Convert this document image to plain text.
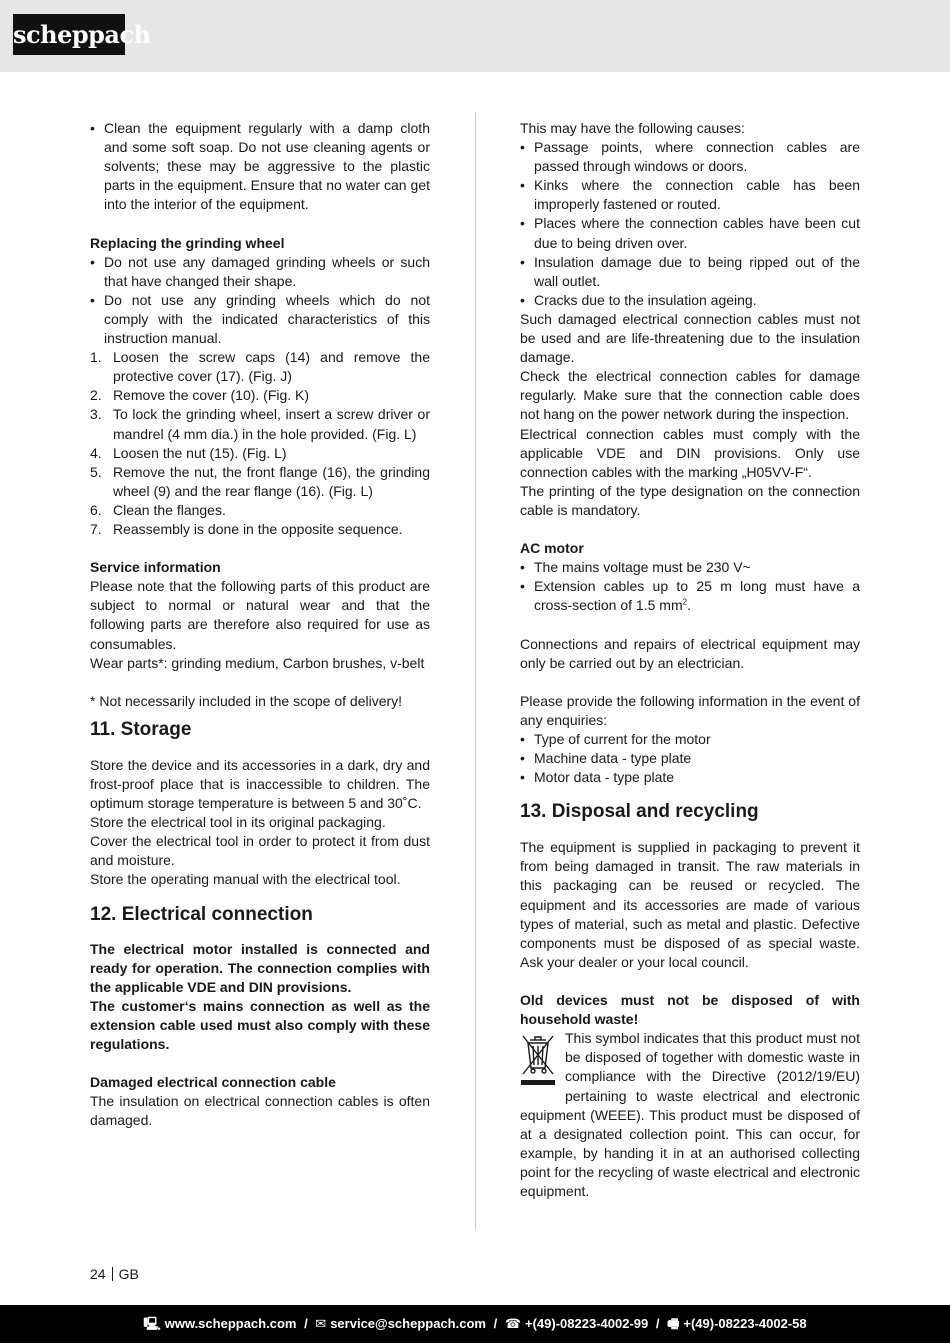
scheppach
• Clean the equipment regularly with a damp cloth and some soft soap. Do not use cleaning agents or solvents; these may be aggressive to the plastic parts in the equipment. Ensure that no water can get into the interior of the equipment.

Replacing the grinding wheel

• Do not use any damaged grinding wheels or such that have changed their shape.
• Do not use any grinding wheels which do not comply with the indicated characteristics of this instruction manual.
1. Loosen the screw caps (14) and remove the protective cover (17). (Fig. J)
2. Remove the cover (10). (Fig. K)
3. To lock the grinding wheel, insert a screw driver or mandrel (4 mm dia.) in the hole provided. (Fig. L)
4. Loosen the nut (15). (Fig. L)
5. Remove the nut, the front flange (16), the grinding wheel (9) and the rear flange (16). (Fig. L)
6. Clean the flanges.
7. Reassembly is done in the opposite sequence.

Service information

Please note that the following parts of this product are subject to normal or natural wear and that the following parts are therefore also required for use as consumables.

Wear parts*: grinding medium, Carbon brushes, v-belt

* Not necessarily included in the scope of delivery!

11. Storage

Store the device and its accessories in a dark, dry and frost-proof place that is inaccessible to children. The optimum storage temperature is between 5 and 30˚C.

Store the electrical tool in its original packaging.

Cover the electrical tool in order to protect it from dust and moisture.

Store the operating manual with the electrical tool.

12. Electrical connection

The electrical motor installed is connected and ready for operation. The connection complies with the applicable VDE and DIN provisions.

The customer‘s mains connection as well as the extension cable used must also comply with these regulations.

Damaged electrical connection cable

The insulation on electrical connection cables is often damaged.

This may have the following causes:

• Passage points, where connection cables are passed through windows or doors.
• Kinks where the connection cable has been improperly fastened or routed.
• Places where the connection cables have been cut due to being driven over.
• Insulation damage due to being ripped out of the wall outlet.
• Cracks due to the insulation ageing.

Such damaged electrical connection cables must not be used and are life-threatening due to the insulation damage.

Check the electrical connection cables for damage regularly. Make sure that the connection cable does not hang on the power network during the inspection.

Electrical connection cables must comply with the applicable VDE and DIN provisions. Only use connection cables with the marking „H05VV-F“.

The printing of the type designation on the connection cable is mandatory.

AC motor

• The mains voltage must be 230 V~
• Extension cables up to 25 m long must have a cross-section of 1.5 $mm^2$.

Connections and repairs of electrical equipment may only be carried out by an electrician.

Please provide the following information in the event of any enquiries:

• Type of current for the motor
• Machine data - type plate
• Motor data - type plate
13. Disposal and recycling

The equipment is supplied in packaging to prevent it from being damaged in transit. The raw materials in this packaging can be reused or recycled. The equipment and its accessories are made of various types of material, such as metal and plastic. Defective components must be disposed of as special waste. Ask your dealer or your local council.

Old devices must not be disposed of with household waste!

This symbol indicates that this product must not be disposed of together with domestic waste in compliance with the Directive (2012/19/EU) pertaining to waste electrical and electronic equipment (WEEE). This product must be disposed of at a designated collection point. This can occur, for example, by handing it in at an authorised collecting point for the recycling of waste electrical and electronic equipment.

24 GB
🖳 www.scheppach.com / ✉ service@scheppach.com / ☎ +(49)-08223-4002-99 / 🖷 +(49)-08223-4002-58
